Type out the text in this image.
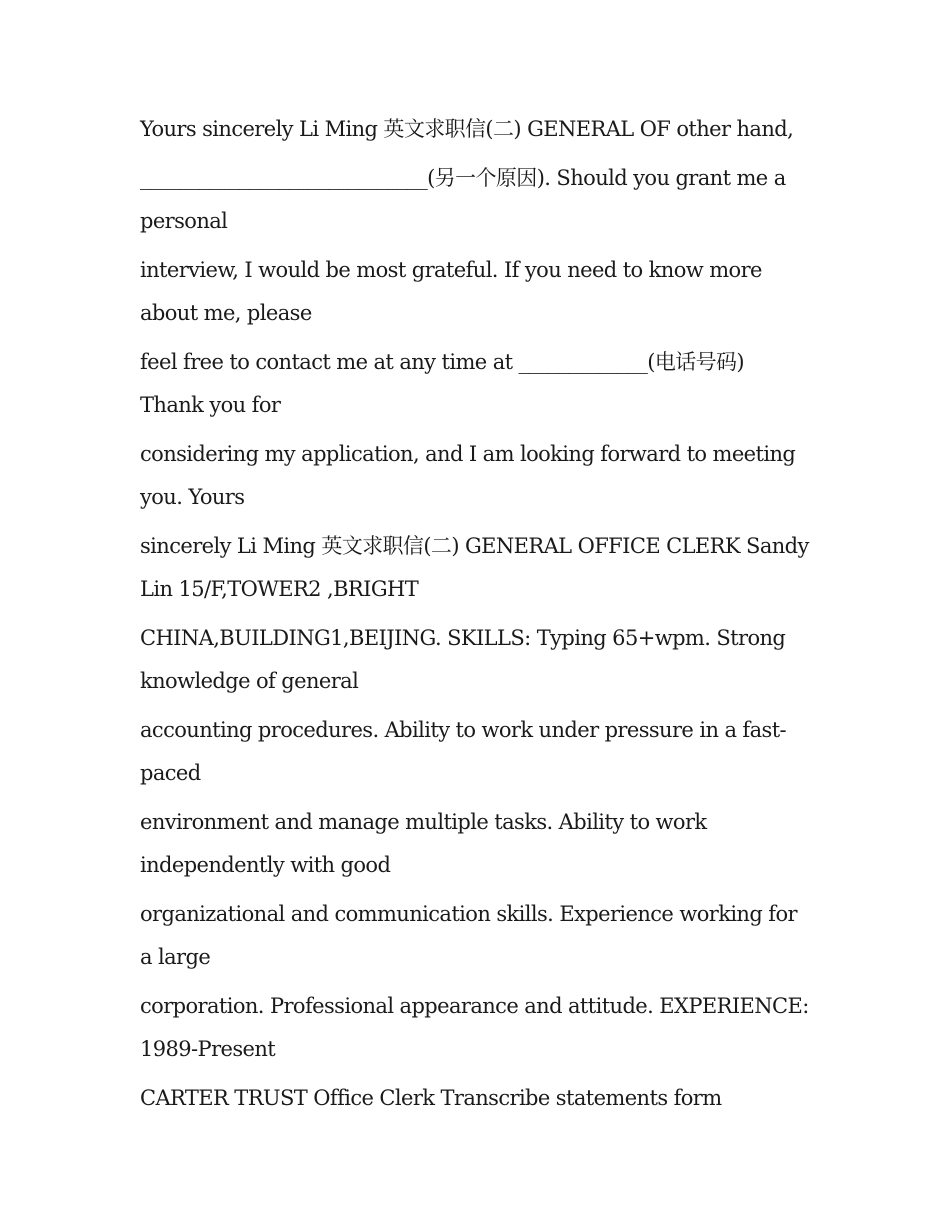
Yours sincerely Li Ming 英文求职信(二) GENERAL OF other hand,

_____________________________(另一个原因). Should you grant me a personal

interview, I would be most grateful. If you need to know more about me, please

feel free to contact me at any time at _____________(电话号码) Thank you for

considering my application, and I am looking forward to meeting you. Yours

sincerely Li Ming 英文求职信(二) GENERAL OFFICE CLERK Sandy Lin 15/F,TOWER2 ,BRIGHT

CHINA,BUILDING1,BEIJING. SKILLS: Typing 65+wpm. Strong knowledge of general

accounting procedures. Ability to work under pressure in a fast-paced

environment and manage multiple tasks. Ability to work independently with good

organizational and communication skills. Experience working for a large

corporation. Professional appearance and attitude. EXPERIENCE: 1989-Present

CARTER TRUST Office Clerk Transcribe statements form
